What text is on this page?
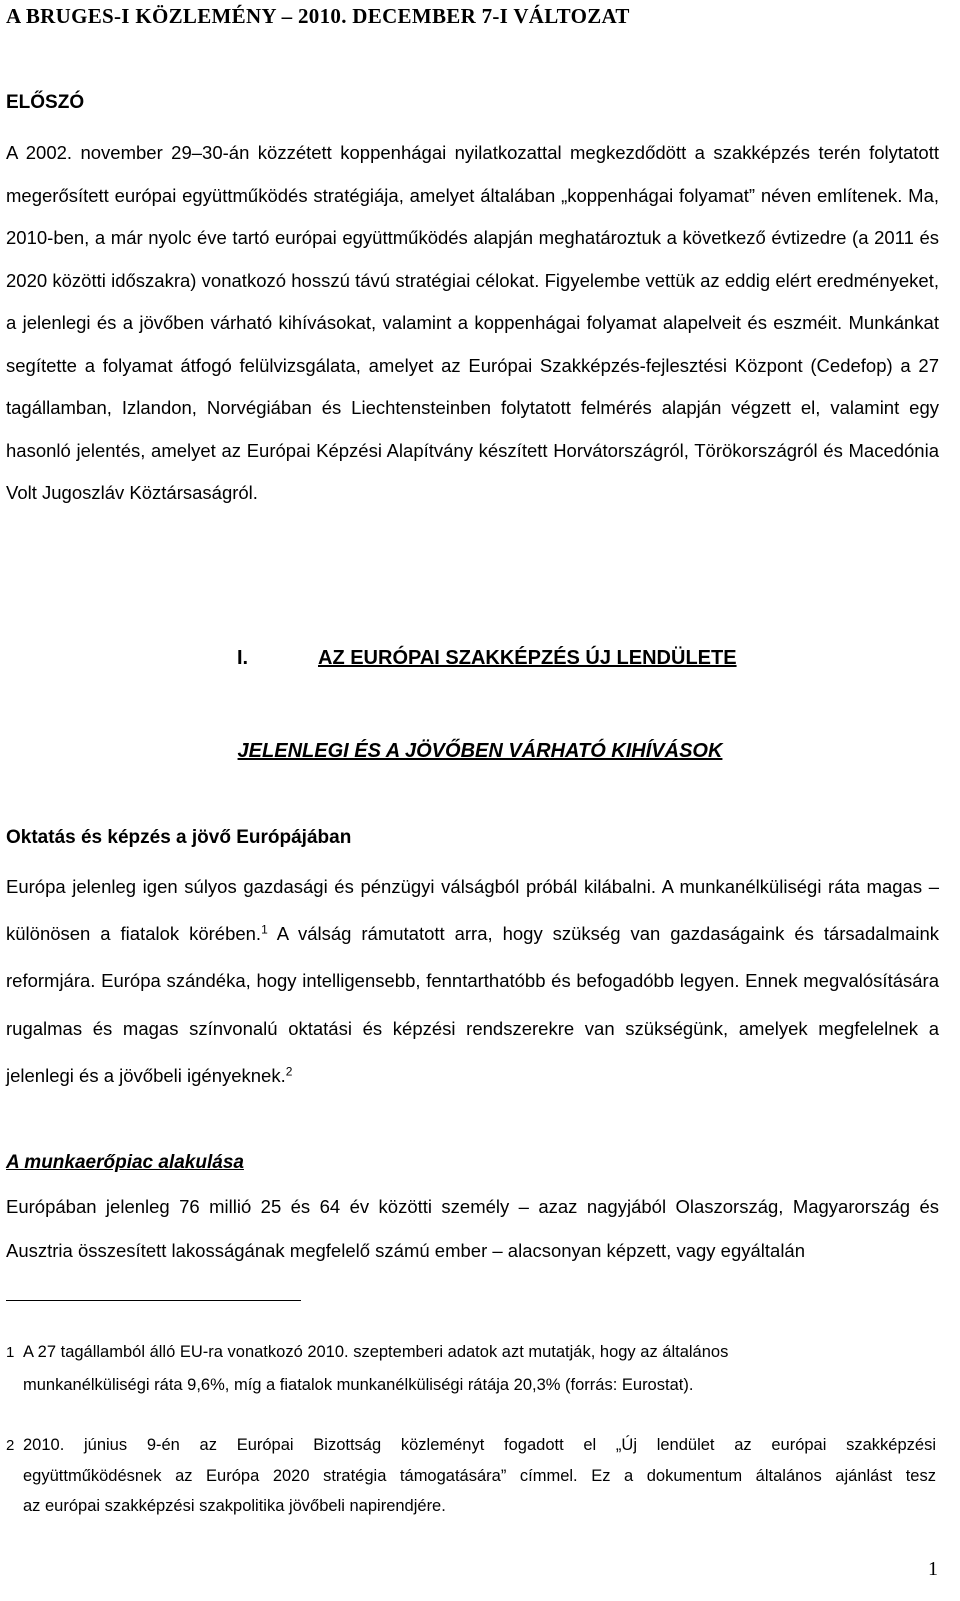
A BRUGES-I KÖZLEMÉNY – 2010. DECEMBER 7-I VÁLTOZAT
ELŐSZÓ
A 2002. november 29–30-án közzétett koppenhágai nyilatkozattal megkezdődött a szakképzés terén folytatott megerősített európai együttműködés stratégiája, amelyet általában „koppenhágai folyamat” néven említenek. Ma, 2010-ben, a már nyolc éve tartó európai együttműködés alapján meghatároztuk a következő évtizedre (a 2011 és 2020 közötti időszakra) vonatkozó hosszú távú stratégiai célokat. Figyelembe vettük az eddig elért eredményeket, a jelenlegi és a jövőben várható kihívásokat, valamint a koppenhágai folyamat alapelveit és eszméit. Munkánkat segítette a folyamat átfogó felülvizsgálata, amelyet az Európai Szakképzés-fejlesztési Központ (Cedefop) a 27 tagállamban, Izlandon, Norvégiában és Liechtensteinben folytatott felmérés alapján végzett el, valamint egy hasonló jelentés, amelyet az Európai Képzési Alapítvány készített Horvátországról, Törökországról és Macedónia Volt Jugoszláv Köztársaságról.
I.	AZ EURÓPAI SZAKKÉPZÉS ÚJ LENDÜLETE
JELENLEGI ÉS A JÖVŐBEN VÁRHATÓ KIHÍVÁSOK
Oktatás és képzés a jövő Európájában
Európa jelenleg igen súlyos gazdasági és pénzügyi válságból próbál kilábalni. A munkanélküliségi ráta magas – különösen a fiatalok körében.$^1$ A válság rámutatott arra, hogy szükség van gazdaságaink és társadalmaink reformjára. Európa szándéka, hogy intelligensebb, fenntarthatóbb és befogadóbb legyen. Ennek megvalósítására rugalmas és magas színvonalú oktatási és képzési rendszerekre van szükségünk, amelyek megfelelnek a jelenlegi és a jövőbeli igényeknek.$^2$
A munkaerőpiac alakulása
Európában jelenleg 76 millió 25 és 64 év közötti személy – azaz nagyjából Olaszország, Magyarország és Ausztria összesített lakosságának megfelelő számú ember – alacsonyan képzett, vagy egyáltalán
1 A 27 tagállamból álló EU-ra vonatkozó 2010. szeptemberi adatok azt mutatják, hogy az általános
munkanélküliségi ráta 9,6%, míg a fiatalok munkanélküliségi rátája 20,3% (forrás: Eurostat).
2 2010. június 9-én az Európai Bizottság közleményt fogadott el „Új lendület az európai szakképzési
együttműködésnek az Európa 2020 stratégia támogatására” címmel. Ez a dokumentum általános ajánlást tesz
az európai szakképzési szakpolitika jövőbeli napirendjére.
1
